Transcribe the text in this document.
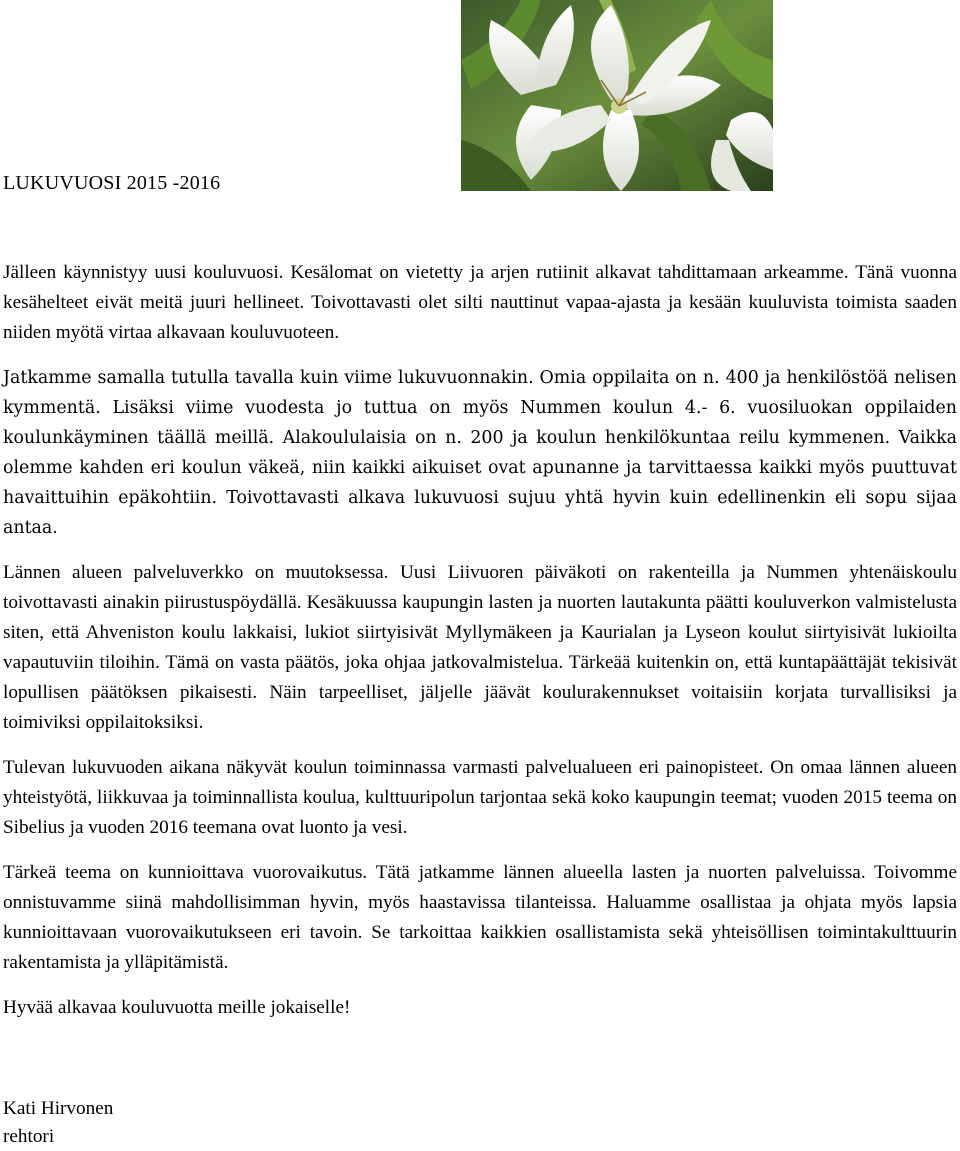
LUKUVUOSI 2015 -2016

Jälleen käynnistyy uusi kouluvuosi. Kesälomat on vietetty ja arjen rutiinit alkavat tahdittamaan arkeamme. Tänä vuonna kesähelteet eivät meitä juuri hellineet. Toivottavasti olet silti nauttinut vapaa-ajasta ja kesään kuuluvista toimista saaden niiden myötä virtaa alkavaan kouluvuoteen.

Jatkamme samalla tutulla tavalla kuin viime lukuvuonnakin. Omia oppilaita on n. 400 ja henkilöstöä nelisen kymmentä. Lisäksi viime vuodesta jo tuttua on myös Nummen koulun 4.- 6. vuosiluokan oppilaiden koulunkäyminen täällä meillä. Alakoululaisia on n. 200 ja koulun henkilökuntaa reilu kymmenen. Vaikka olemme kahden eri koulun väkeä, niin kaikki aikuiset ovat apunanne ja tarvittaessa kaikki myös puuttuvat havaittuihin epäkohtiin. Toivottavasti alkava lukuvuosi sujuu yhtä hyvin kuin edellinenkin eli sopu sijaa antaa.

Lännen alueen palveluverkko on muutoksessa. Uusi Liivuoren päiväkoti on rakenteilla ja Nummen yhtenäiskoulu toivottavasti ainakin piirustuspöydällä. Kesäkuussa kaupungin lasten ja nuorten lautakunta päätti kouluverkon valmistelusta siten, että Ahveniston koulu lakkaisi, lukiot siirtyisivät Myllymäkeen ja Kaurialan ja Lyseon koulut siirtyisivät lukioilta vapautuviin tiloihin. Tämä on vasta päätös, joka ohjaa jatkovalmistelua. Tärkeää kuitenkin on, että kuntapäättäjät tekisivät lopullisen päätöksen pikaisesti. Näin tarpeelliset, jäljelle jäävät koulurakennukset voitaisiin korjata turvallisiksi ja toimiviksi oppilaitoksiksi.

Tulevan lukuvuoden aikana näkyvät koulun toiminnassa varmasti palvelualueen eri painopisteet. On omaa lännen alueen yhteistyötä, liikkuvaa ja toiminnallista koulua, kulttuuripolun tarjontaa sekä koko kaupungin teemat; vuoden 2015 teema on Sibelius ja vuoden 2016 teemana ovat luonto ja vesi.

Tärkeä teema on kunnioittava vuorovaikutus. Tätä jatkamme lännen alueella lasten ja nuorten palveluissa. Toivomme onnistuvamme siinä mahdollisimman hyvin, myös haastavissa tilanteissa. Haluamme osallistaa ja ohjata myös lapsia kunnioittavaan vuorovaikutukseen eri tavoin. Se tarkoittaa kaikkien osallistamista sekä yhteisöllisen toimintakulttuurin rakentamista ja ylläpitämistä.

Hyvää alkavaa kouluvuotta meille jokaiselle!

Kati Hirvonen
rehtori
